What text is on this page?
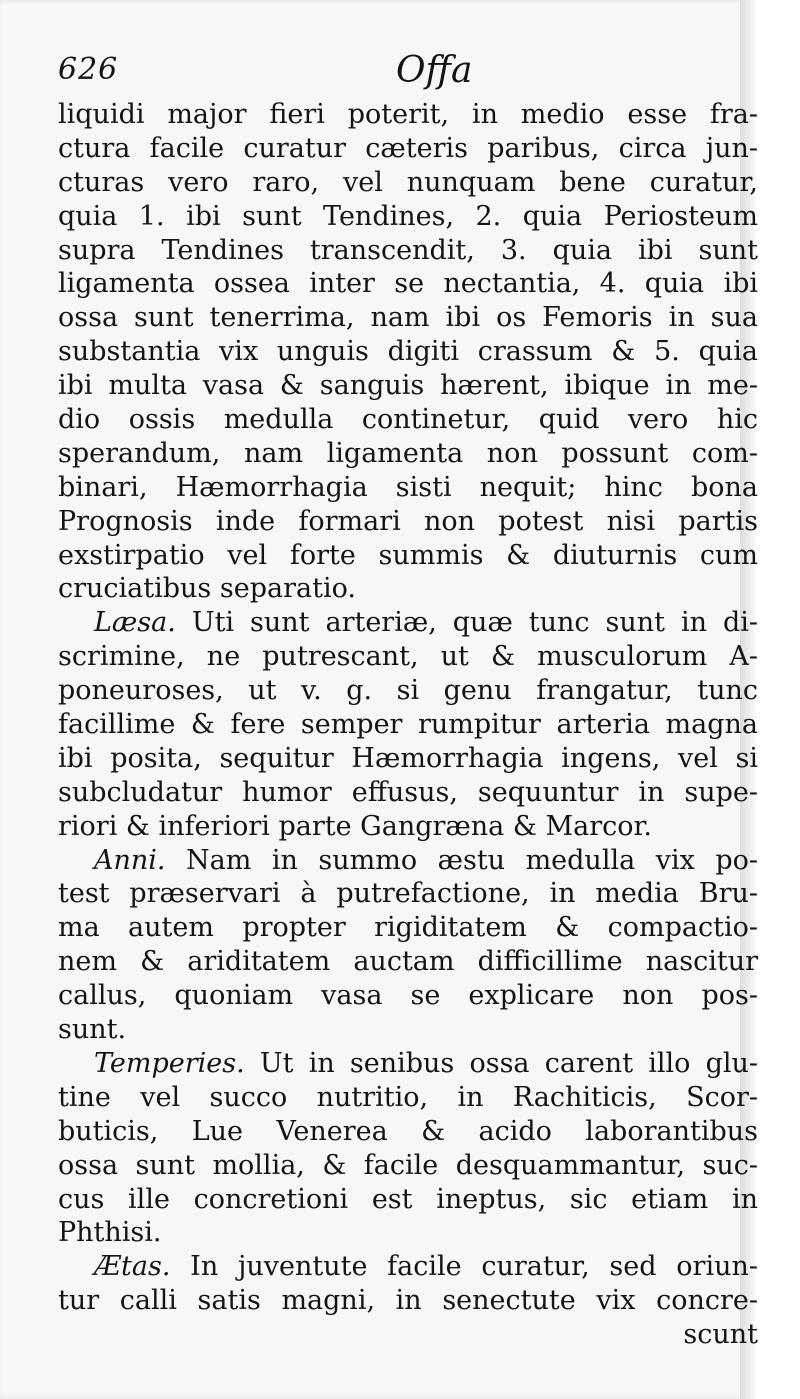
626	Offa
liquidi major fieri poterit, in medio esse fra-
ctura facile curatur cæteris paribus, circa jun-
cturas vero raro, vel nunquam bene curatur,
quia 1. ibi sunt Tendines, 2. quia Periosteum
supra Tendines transcendit, 3. quia ibi sunt
ligamenta ossea inter se nectantia, 4. quia ibi
ossa sunt tenerrima, nam ibi os Femoris in sua
substantia vix unguis digiti crassum & 5. quia
ibi multa vasa & sanguis hærent, ibique in me-
dio ossis medulla continetur, quid vero hic
sperandum, nam ligamenta non possunt com-
binari, Hæmorrhagia sisti nequit; hinc bona
Prognosis inde formari non potest nisi partis
exstirpatio vel forte summis & diuturnis cum
cruciatibus separatio.
Læsa. Uti sunt arteriæ, quæ tunc sunt in di-
scrimine, ne putrescant, ut & musculorum A-
poneuroses, ut v. g. si genu frangatur, tunc
facillime & fere semper rumpitur arteria magna
ibi posita, sequitur Hæmorrhagia ingens, vel si
subcludatur humor effusus, sequuntur in supe-
riori & inferiori parte Gangræna & Marcor.
Anni. Nam in summo æstu medulla vix po-
test præservari à putrefactione, in media Bru-
ma autem propter rigiditatem & compactio-
nem & ariditatem auctam difficillime nascitur
callus, quoniam vasa se explicare non pos-
sunt.
Temperies. Ut in senibus ossa carent illo glu-
tine vel succo nutritio, in Rachiticis, Scor-
buticis, Lue Venerea & acido laborantibus
ossa sunt mollia, & facile desquammantur, suc-
cus ille concretioni est ineptus, sic etiam in
Phthisi.
Ætas. In juventute facile curatur, sed oriun-
tur calli satis magni, in senectute vix concre-
scunt
